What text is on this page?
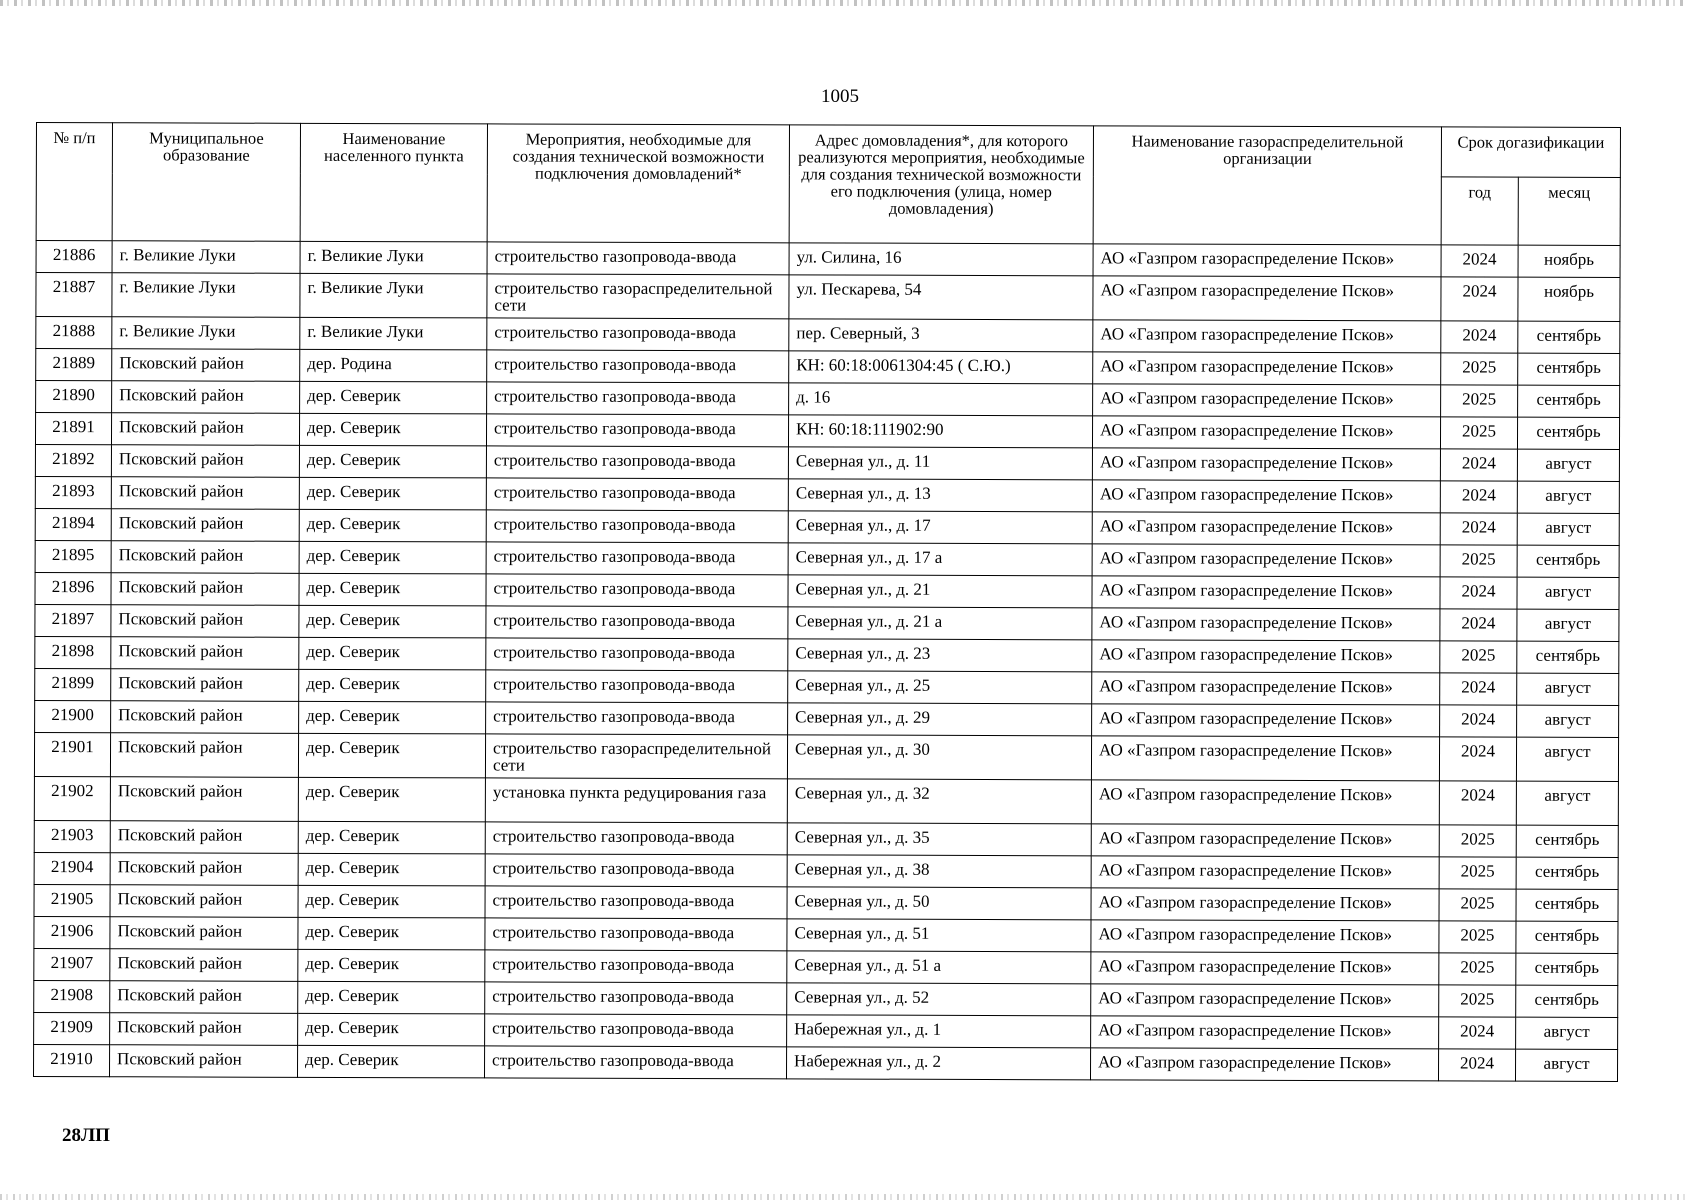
1005
№ п/п	Муниципальное образование	Наименование населенного пункта	Мероприятия, необходимые для создания технической возможности подключения домовладений*	Адрес домовладения*, для которого реализуются мероприятия, необходимые для создания технической возможности его подключения (улица, номер домовладения)	Наименование газораспределительной организации	Срок догазификации	
						год	месяц
21886	г. Великие Луки	г. Великие Луки	строительство газопровода-ввода	ул. Силина, 16	АО «Газпром газораспределение Псков»	2024	ноябрь
21887	г. Великие Луки	г. Великие Луки	строительство газораспределительной сети	ул. Пескарева, 54	АО «Газпром газораспределение Псков»	2024	ноябрь
21888	г. Великие Луки	г. Великие Луки	строительство газопровода-ввода	пер. Северный, 3	АО «Газпром газораспределение Псков»	2024	сентябрь
21889	Псковский район	дер. Родина	строительство газопровода-ввода	КН: 60:18:0061304:45 ( С.Ю.)	АО «Газпром газораспределение Псков»	2025	сентябрь
21890	Псковский район	дер. Северик	строительство газопровода-ввода	д. 16	АО «Газпром газораспределение Псков»	2025	сентябрь
21891	Псковский район	дер. Северик	строительство газопровода-ввода	КН: 60:18:111902:90	АО «Газпром газораспределение Псков»	2025	сентябрь
21892	Псковский район	дер. Северик	строительство газопровода-ввода	Северная ул., д. 11	АО «Газпром газораспределение Псков»	2024	август
21893	Псковский район	дер. Северик	строительство газопровода-ввода	Северная ул., д. 13	АО «Газпром газораспределение Псков»	2024	август
21894	Псковский район	дер. Северик	строительство газопровода-ввода	Северная ул., д. 17	АО «Газпром газораспределение Псков»	2024	август
21895	Псковский район	дер. Северик	строительство газопровода-ввода	Северная ул., д. 17 а	АО «Газпром газораспределение Псков»	2025	сентябрь
21896	Псковский район	дер. Северик	строительство газопровода-ввода	Северная ул., д. 21	АО «Газпром газораспределение Псков»	2024	август
21897	Псковский район	дер. Северик	строительство газопровода-ввода	Северная ул., д. 21 а	АО «Газпром газораспределение Псков»	2024	август
21898	Псковский район	дер. Северик	строительство газопровода-ввода	Северная ул., д. 23	АО «Газпром газораспределение Псков»	2025	сентябрь
21899	Псковский район	дер. Северик	строительство газопровода-ввода	Северная ул., д. 25	АО «Газпром газораспределение Псков»	2024	август
21900	Псковский район	дер. Северик	строительство газопровода-ввода	Северная ул., д. 29	АО «Газпром газораспределение Псков»	2024	август
21901	Псковский район	дер. Северик	строительство газораспределительной сети	Северная ул., д. 30	АО «Газпром газораспределение Псков»	2024	август
21902	Псковский район	дер. Северик	установка пункта редуцирования газа	Северная ул., д. 32	АО «Газпром газораспределение Псков»	2024	август
21903	Псковский район	дер. Северик	строительство газопровода-ввода	Северная ул., д. 35	АО «Газпром газораспределение Псков»	2025	сентябрь
21904	Псковский район	дер. Северик	строительство газопровода-ввода	Северная ул., д. 38	АО «Газпром газораспределение Псков»	2025	сентябрь
21905	Псковский район	дер. Северик	строительство газопровода-ввода	Северная ул., д. 50	АО «Газпром газораспределение Псков»	2025	сентябрь
21906	Псковский район	дер. Северик	строительство газопровода-ввода	Северная ул., д. 51	АО «Газпром газораспределение Псков»	2025	сентябрь
21907	Псковский район	дер. Северик	строительство газопровода-ввода	Северная ул., д. 51 а	АО «Газпром газораспределение Псков»	2025	сентябрь
21908	Псковский район	дер. Северик	строительство газопровода-ввода	Северная ул., д. 52	АО «Газпром газораспределение Псков»	2025	сентябрь
21909	Псковский район	дер. Северик	строительство газопровода-ввода	Набережная ул., д. 1	АО «Газпром газораспределение Псков»	2024	август
21910	Псковский район	дер. Северик	строительство газопровода-ввода	Набережная ул., д. 2	АО «Газпром газораспределение Псков»	2024	август
28ЛП
